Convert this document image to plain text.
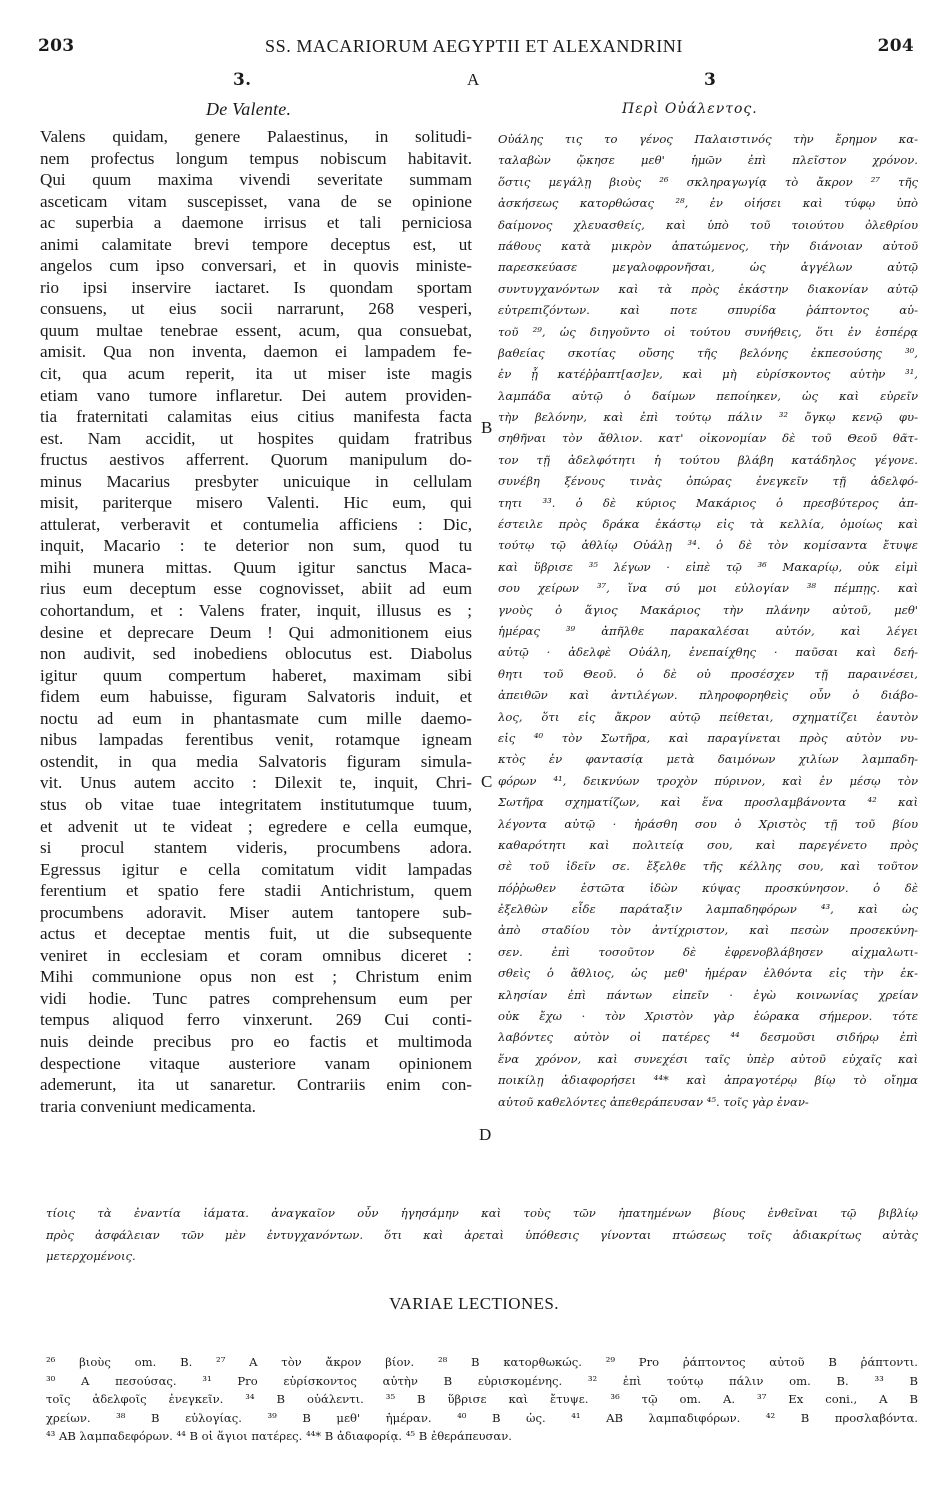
203	SS. MACARIORUM AEGYPTII ET ALEXANDRINI	204
3.	A	3
De Valente.	Περὶ Οὐάλεντος.
Valens quidam, genere Palaestinus, in solitudi-
nem profectus longum tempus nobiscum habitavit.
Qui quum maxima vivendi severitate summam
asceticam vitam suscepisset, vana de se opinione
ac superbia a daemone irrisus et tali perniciosa
animi calamitate brevi tempore deceptus est, ut
angelos cum ipso conversari, et in quovis ministe-
rio ipsi inservire iactaret. Is quondam sportam
consuens, ut eius socii narrarunt, 268 vesperi,
quum multae tenebrae essent, acum, qua consuebat,
amisit. Qua non inventa, daemon ei lampadem fe-
cit, qua acum reperit, ita ut miser iste magis
etiam vano tumore inflaretur. Dei autem providen-
tia fraternitati calamitas eius citius manifesta facta
est. Nam accidit, ut hospites quidam fratribus
fructus aestivos afferrent. Quorum manipulum do-
minus Macarius presbyter unicuique in cellulam
misit, pariterque misero Valenti. Hic eum, qui
attulerat, verberavit et contumelia afficiens : Dic,
inquit, Macario : te deterior non sum, quod tu
mihi munera mittas. Quum igitur sanctus Maca-
rius eum deceptum esse cognovisset, abiit ad eum
cohortandum, et : Valens frater, inquit, illusus es ;
desine et deprecare Deum ! Qui admonitionem eius
non audivit, sed inobediens oblocutus est. Diabolus
igitur quum compertum haberet, maximam sibi
fidem eum habuisse, figuram Salvatoris induit, et
noctu ad eum in phantasmate cum mille daemo-
nibus lampadas ferentibus venit, rotamque igneam
ostendit, in qua media Salvatoris figuram simula-
vit. Unus autem accito : Dilexit te, inquit, Chri-
stus ob vitae tuae integritatem institutumque tuum,
et advenit ut te videat ; egredere e cella eumque,
si procul stantem videris, procumbens adora.
Egressus igitur e cella comitatum vidit lampadas
ferentium et spatio fere stadii Antichristum, quem
procumbens adoravit. Miser autem tantopere sub-
actus et deceptae mentis fuit, ut die subsequente
veniret in ecclesiam et coram omnibus diceret :
Mihi communione opus non est ; Christum enim
vidi hodie. Tunc patres comprehensum eum per
tempus aliquod ferro vinxerunt. 269 Cui conti-
nuis deinde precibus pro eo factis et multimoda
despectione vitaque austeriore vanam opinionem
ademerunt, ita ut sanaretur. Contrariis enim con-
traria conveniunt medicamenta.
Οὐάλης τις το γένος Παλαιστινός τὴν ἔρημον κα-
ταλαβὼν ᾤκησε μεθ' ἡμῶν ἐπὶ πλεῖστον χρόνον.
ὅστις μεγάλῃ βιοὺς ²⁶ σκληραγωγίᾳ τὸ ἄκρον ²⁷ τῆς
ἀσκήσεως κατορθώσας ²⁸, ἐν οἰήσει καὶ τύφῳ ὑπὸ
δαίμονος χλευασθείς, καὶ ὑπὸ τοῦ τοιούτου ὀλεθρίου
πάθους κατὰ μικρὸν ἀπατώμενος, τὴν διάνοιαν αὐτοῦ
παρεσκεύασε μεγαλοφρονῆσαι, ὡς ἀγγέλων αὐτῷ
συντυγχανόντων καὶ τὰ πρὸς ἑκάστην διακονίαν αὐτῷ
εὐτρεπιζόντων. καὶ ποτε σπυρίδα ῥάπτοντος αὐ-
τοῦ ²⁹, ὡς διηγοῦντο οἱ τούτου συνήθεις, ὅτι ἐν ἑσπέρᾳ
βαθείας σκοτίας οὔσης τῆς βελόνης ἐκπεσούσης ³⁰,
ἐν ᾗ κατέῤῥαπτ[ασ]εν, καὶ μὴ εὑρίσκοντος αὐτὴν ³¹,
λαμπάδα αὐτῷ ὁ δαίμων πεποίηκεν, ὡς καὶ εὑρεῖν
τὴν βελόνην, καὶ ἐπὶ τούτῳ πάλιν ³² ὄγκῳ κενῷ φυ-
σηθῆναι τὸν ἄθλιον. κατ' οἰκονομίαν δὲ τοῦ Θεοῦ θᾶτ-
τον τῇ ἀδελφότητι ἡ τούτου βλάβη κατάδηλος γέγονε.
συνέβη ξένους τινὰς ὀπώρας ἐνεγκεῖν τῇ ἀδελφό-
τητι ³³. ὁ δὲ κύριος Μακάριος ὁ πρεσβύτερος ἀπ-
έστειλε πρὸς δράκα ἑκάστῳ εἰς τὰ κελλία, ὁμοίως καὶ
τούτῳ τῷ ἀθλίῳ Οὐάλῃ ³⁴. ὁ δὲ τὸν κομίσαντα ἔτυψε
καὶ ὕβρισε ³⁵ λέγων · εἰπὲ τῷ ³⁶ Μακαρίῳ, οὐκ εἰμὶ
σου χείρων ³⁷, ἵνα σύ μοι εὐλογίαν ³⁸ πέμπῃς. καὶ
γνοὺς ὁ ἅγιος Μακάριος τὴν πλάνην αὐτοῦ, μεθ'
ἡμέρας ³⁹ ἀπῆλθε παρακαλέσαι αὐτόν, καὶ λέγει
αὐτῷ · ἀδελφὲ Οὐάλη, ἐνεπαίχθης · παῦσαι καὶ δεή-
θητι τοῦ Θεοῦ. ὁ δὲ οὐ προσέσχεν τῇ παραινέσει,
ἀπειθῶν καὶ ἀντιλέγων. πληροφορηθεὶς οὖν ὁ διάβο-
λος, ὅτι εἰς ἄκρον αὐτῷ πείθεται, σχηματίζει ἑαυτὸν
εἰς ⁴⁰ τὸν Σωτῆρα, καὶ παραγίνεται πρὸς αὐτὸν νυ-
κτὸς ἐν φαντασίᾳ μετὰ δαιμόνων χιλίων λαμπαδη-
φόρων ⁴¹, δεικνύων τροχὸν πύρινον, καὶ ἐν μέσῳ τὸν
Σωτῆρα σχηματίζων, καὶ ἕνα προσλαμβάνοντα ⁴² καὶ
λέγοντα αὐτῷ · ἠράσθη σου ὁ Χριστὸς τῇ τοῦ βίου
καθαρότητι καὶ πολιτείᾳ σου, καὶ παρεγένετο πρὸς
σὲ τοῦ ἰδεῖν σε. ἔξελθε τῆς κέλλης σου, καὶ τοῦτον
πόῤῥωθεν ἑστῶτα ἰδὼν κύψας προσκύνησον. ὁ δὲ
ἐξελθὼν εἶδε παράταξιν λαμπαδηφόρων ⁴³, καὶ ὡς
ἀπὸ σταδίου τὸν ἀντίχριστον, καὶ πεσὼν προσεκύνη-
σεν. ἐπὶ τοσοῦτον δὲ ἐφρενοβλάβησεν αἰχμαλωτι-
σθεὶς ὁ ἄθλιος, ὡς μεθ' ἡμέραν ἐλθόντα εἰς τὴν ἐκ-
κλησίαν ἐπὶ πάντων εἰπεῖν · ἐγὼ κοινωνίας χρείαν
οὐκ ἔχω · τὸν Χριστὸν γὰρ ἑώρακα σήμερον. τότε
λαβόντες αὐτὸν οἱ πατέρες ⁴⁴ δεσμοῦσι σιδήρῳ ἐπὶ
ἕνα χρόνον, καὶ συνεχέσι ταῖς ὑπὲρ αὐτοῦ εὐχαῖς καὶ
ποικίλῃ ἀδιαφορήσει ⁴⁴* καὶ ἀπραγοτέρῳ βίῳ τὸ οἴημα
αὐτοῦ καθελόντες ἀπεθεράπευσαν ⁴⁵. τοῖς γὰρ ἐναν-
B
C
D
τίοις τὰ ἐναντία ἰάματα. ἀναγκαῖον οὖν ἡγησάμην καὶ τοὺς τῶν ἠπατημένων βίους ἐνθεῖναι τῷ βιβλίῳ
πρὸς ἀσφάλειαν τῶν μὲν ἐντυγχανόντων. ὅτι καὶ ἀρεταὶ ὑπόθεσις γίνονται πτώσεως τοῖς ἀδιακρίτως αὐτὰς
μετερχομένοις.
VARIAE LECTIONES.
²⁶ βιοὺς om. B. ²⁷ A τὸν ἄκρον βίον. ²⁸ B κατορθωκώς. ²⁹ Pro ῥάπτοντος αὐτοῦ B ῥάπτοντι.
³⁰ A πεσούσας. ³¹ Pro εὑρίσκοντος αὐτὴν B εὑρισκομένης. ³² ἐπὶ τούτῳ πάλιν om. B. ³³ B
τοῖς ἀδελφοῖς ἐνεγκεῖν. ³⁴ B οὐάλεντι. ³⁵ B ὕβρισε καὶ ἔτυψε. ³⁶ τῷ om. A. ³⁷ Ex coni., A B
χρείων. ³⁸ B εὐλογίας. ³⁹ B μεθ' ἡμέραν. ⁴⁰ B ὡς. ⁴¹ AB λαμπαδιφόρων. ⁴² B προσλαβόντα.
⁴³ AB λαμπαδεφόρων. ⁴⁴ B οἱ ἅγιοι πατέρες. ⁴⁴* B ἀδιαφορίᾳ. ⁴⁵ B ἐθεράπευσαν.
